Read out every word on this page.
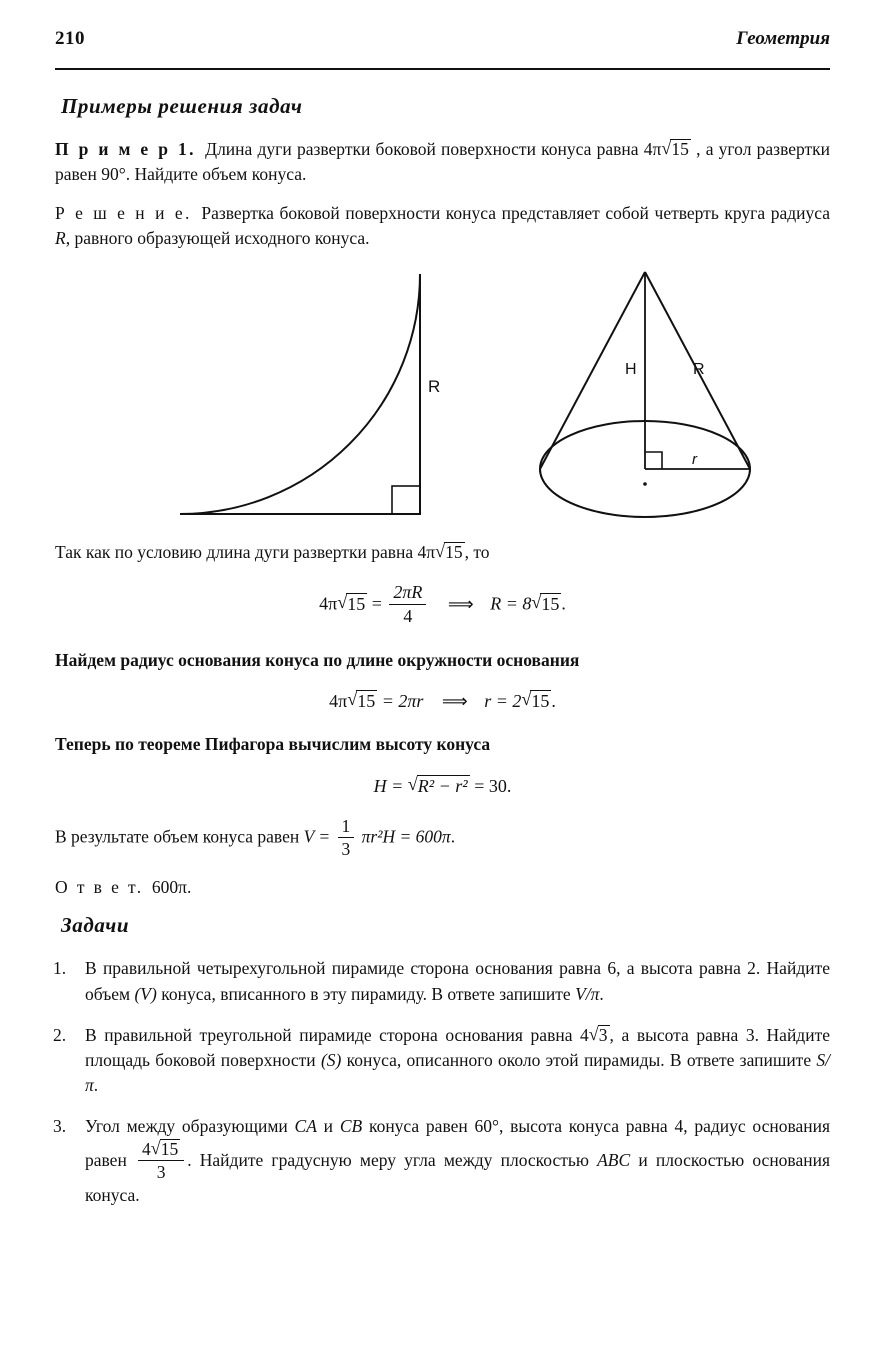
210	Геометрия
Примеры решения задач

П р и м е р 1. Длина дуги развертки боковой поверхности конуса равна 4π √ 15 , а угол развертки равен 90°. Найдите объем конуса.

Р е ш е н и е. Развертка боковой поверхности конуса представляет собой четверть круга радиуса R, равного образующей исходного конуса.

R
H	R
r

Так как по условию длина дуги развертки равна 4π √ 15 , то

4π √ $15 = \frac{2\pi R}{4}$ ⟹ R = 8 √ 15 .

Найдем радиус основания конуса по длине окружности основания

4π √ 15 = 2πr ⟹ r = 2 √ 15 .

Теперь по теореме Пифагора вычислим высоту конуса

H = √ R² − r² = 30.

В результате объем конуса равен $V = \frac{1}{3} \pi r^2H = 600\pi$.

О т в е т. 600π.

Задачи
1. В правильной четырехугольной пирамиде сторона основания равна 6, а высота равна 2. Найдите объем (V) конуса, вписанного в эту пирамиду. В ответе запишите V/π.
2. В правильной треугольной пирамиде сторона основания равна 4 √ 3 , а высота равна 3. Найдите площадь боковой поверхности (S) конуса, описанного около этой пирамиды. В ответе запишите S/π.
3. Угол между образующими CA и CB конуса равен 60°, высота конуса равна 4, радиус основания равен $\frac{4 √ 15}{3}$ . Найдите градусную меру угла между плоскостью ABC и плоскостью основания конуса.
